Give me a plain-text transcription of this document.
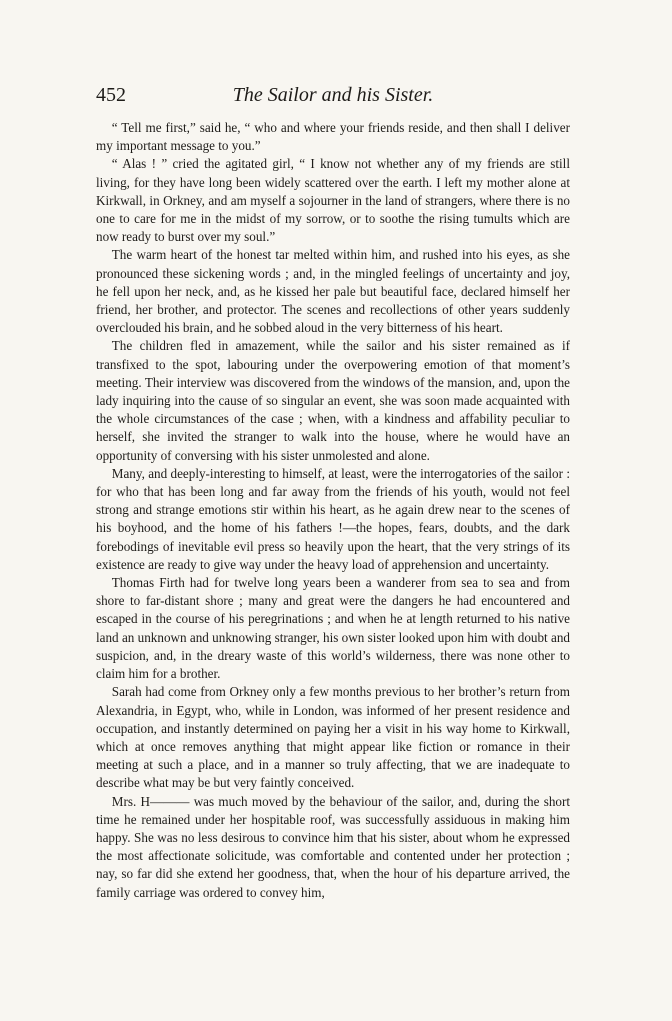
452	The Sailor and his Sister.

“ Tell me first,” said he, “ who and where your friends reside, and then shall I deliver my important message to you.”

“ Alas ! ” cried the agitated girl, “ I know not whether any of my friends are still living, for they have long been widely scattered over the earth. I left my mother alone at Kirkwall, in Orkney, and am myself a sojourner in the land of strangers, where there is no one to care for me in the midst of my sorrow, or to soothe the rising tumults which are now ready to burst over my soul.”

The warm heart of the honest tar melted within him, and rushed into his eyes, as she pronounced these sickening words ; and, in the mingled feelings of uncertainty and joy, he fell upon her neck, and, as he kissed her pale but beautiful face, declared himself her friend, her brother, and protector. The scenes and recollections of other years suddenly overclouded his brain, and he sobbed aloud in the very bitterness of his heart.

The children fled in amazement, while the sailor and his sister remained as if transfixed to the spot, labouring under the overpowering emotion of that moment’s meeting. Their interview was discovered from the windows of the mansion, and, upon the lady inquiring into the cause of so singular an event, she was soon made acquainted with the whole circumstances of the case ; when, with a kindness and affability peculiar to herself, she invited the stranger to walk into the house, where he would have an opportunity of conversing with his sister unmolested and alone.

Many, and deeply-interesting to himself, at least, were the interrogatories of the sailor : for who that has been long and far away from the friends of his youth, would not feel strong and strange emotions stir within his heart, as he again drew near to the scenes of his boyhood, and the home of his fathers !—the hopes, fears, doubts, and the dark forebodings of inevitable evil press so heavily upon the heart, that the very strings of its existence are ready to give way under the heavy load of apprehension and uncertainty.

Thomas Firth had for twelve long years been a wanderer from sea to sea and from shore to far-distant shore ; many and great were the dangers he had encountered and escaped in the course of his peregrinations ; and when he at length returned to his native land an unknown and unknowing stranger, his own sister looked upon him with doubt and suspicion, and, in the dreary waste of this world’s wilderness, there was none other to claim him for a brother.

Sarah had come from Orkney only a few months previous to her brother’s return from Alexandria, in Egypt, who, while in London, was informed of her present residence and occupation, and instantly determined on paying her a visit in his way home to Kirkwall, which at once removes anything that might appear like fiction or romance in their meeting at such a place, and in a manner so truly affecting, that we are inadequate to describe what may be but very faintly conceived.

Mrs. H——— was much moved by the behaviour of the sailor, and, during the short time he remained under her hospitable roof, was successfully assiduous in making him happy. She was no less desirous to convince him that his sister, about whom he expressed the most affectionate solicitude, was comfortable and contented under her protection ; nay, so far did she extend her goodness, that, when the hour of his departure arrived, the family carriage was ordered to convey him,
